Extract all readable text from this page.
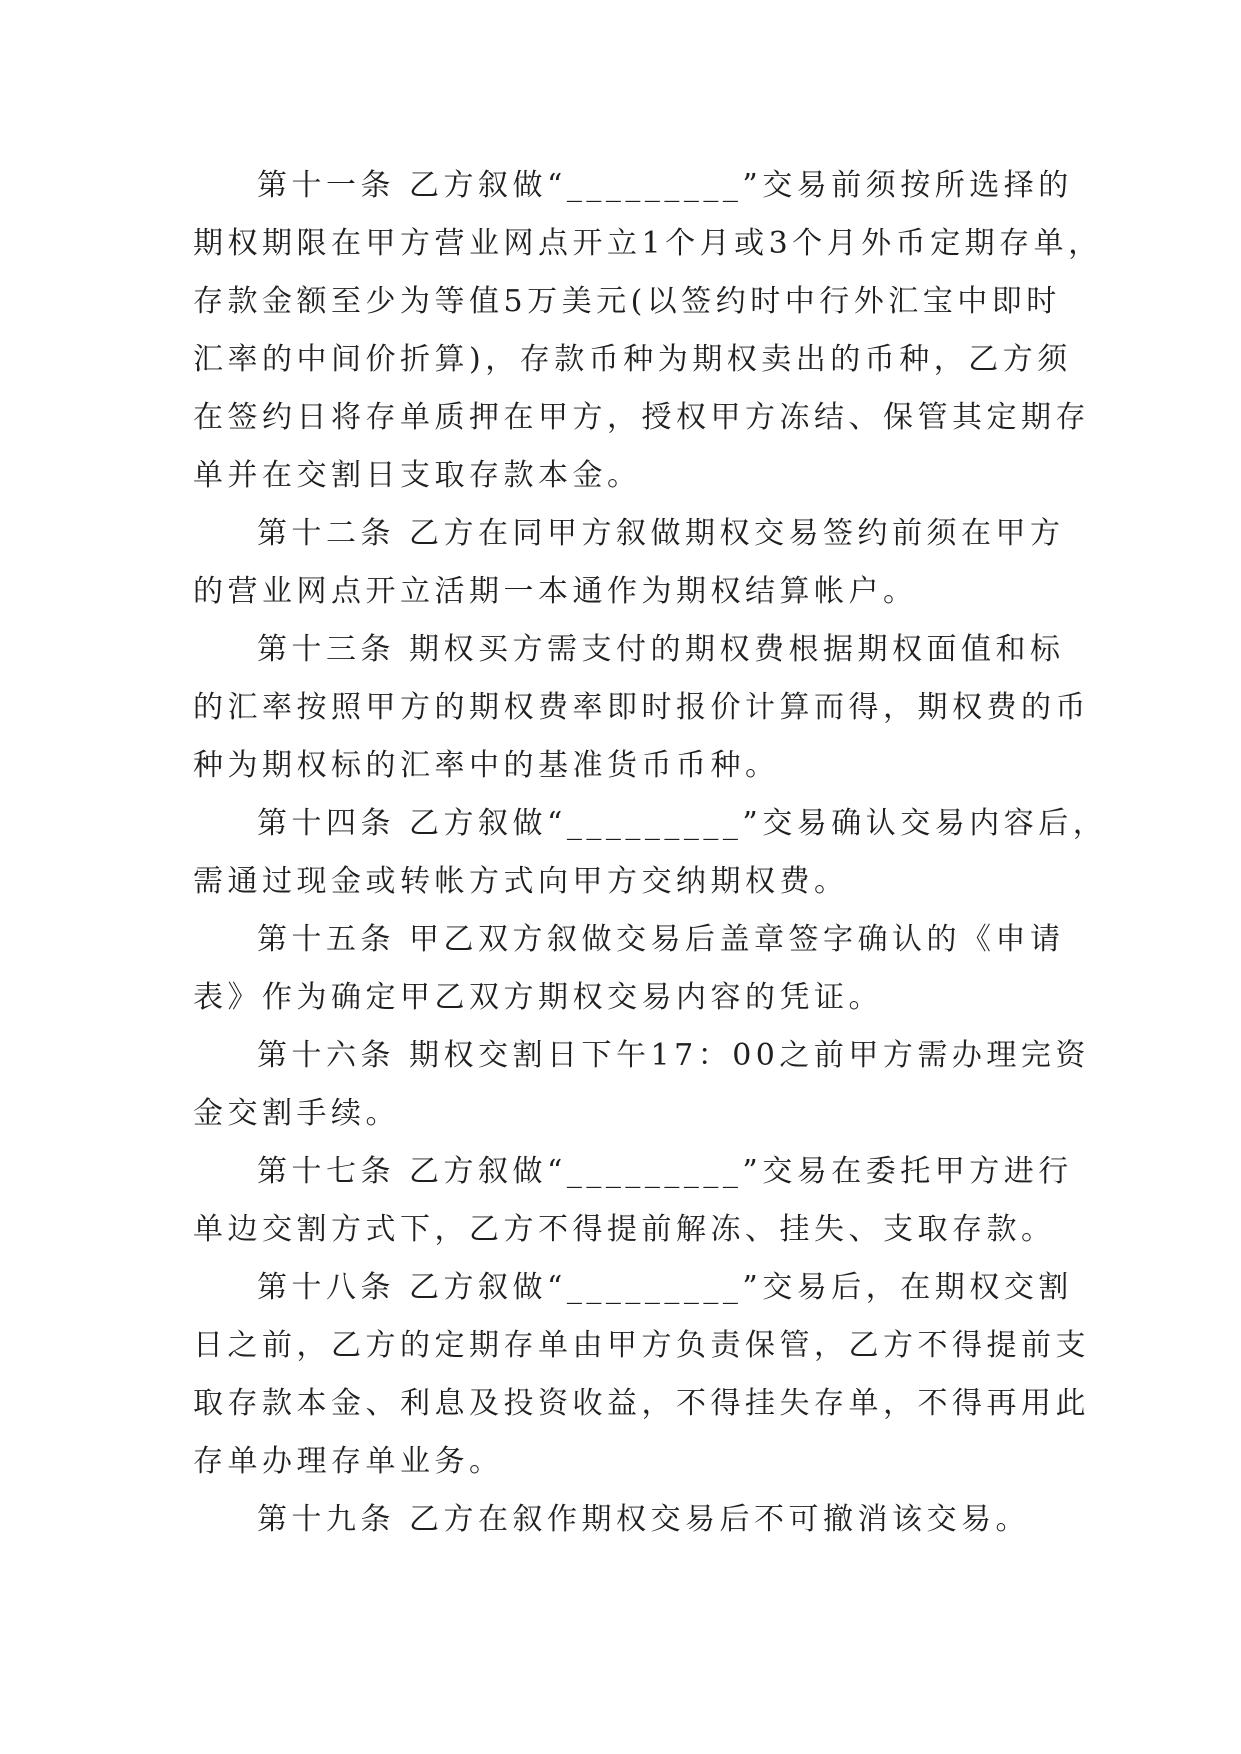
第十一条 乙方叙做“_________”交易前须按所选择的
期权期限在甲方营业网点开立1个月或3个月外币定期存单，
存款金额至少为等值5万美元(以签约时中行外汇宝中即时
汇率的中间价折算)，存款币种为期权卖出的币种，乙方须
在签约日将存单质押在甲方，授权甲方冻结、保管其定期存
单并在交割日支取存款本金。
第十二条 乙方在同甲方叙做期权交易签约前须在甲方
的营业网点开立活期一本通作为期权结算帐户。
第十三条 期权买方需支付的期权费根据期权面值和标
的汇率按照甲方的期权费率即时报价计算而得，期权费的币
种为期权标的汇率中的基准货币币种。
第十四条 乙方叙做“_________”交易确认交易内容后，
需通过现金或转帐方式向甲方交纳期权费。
第十五条 甲乙双方叙做交易后盖章签字确认的《申请
表》作为确定甲乙双方期权交易内容的凭证。
第十六条 期权交割日下午17：00之前甲方需办理完资
金交割手续。
第十七条 乙方叙做“_________”交易在委托甲方进行
单边交割方式下，乙方不得提前解冻、挂失、支取存款。
第十八条 乙方叙做“_________”交易后，在期权交割
日之前，乙方的定期存单由甲方负责保管，乙方不得提前支
取存款本金、利息及投资收益，不得挂失存单，不得再用此
存单办理存单业务。
第十九条 乙方在叙作期权交易后不可撤消该交易。
